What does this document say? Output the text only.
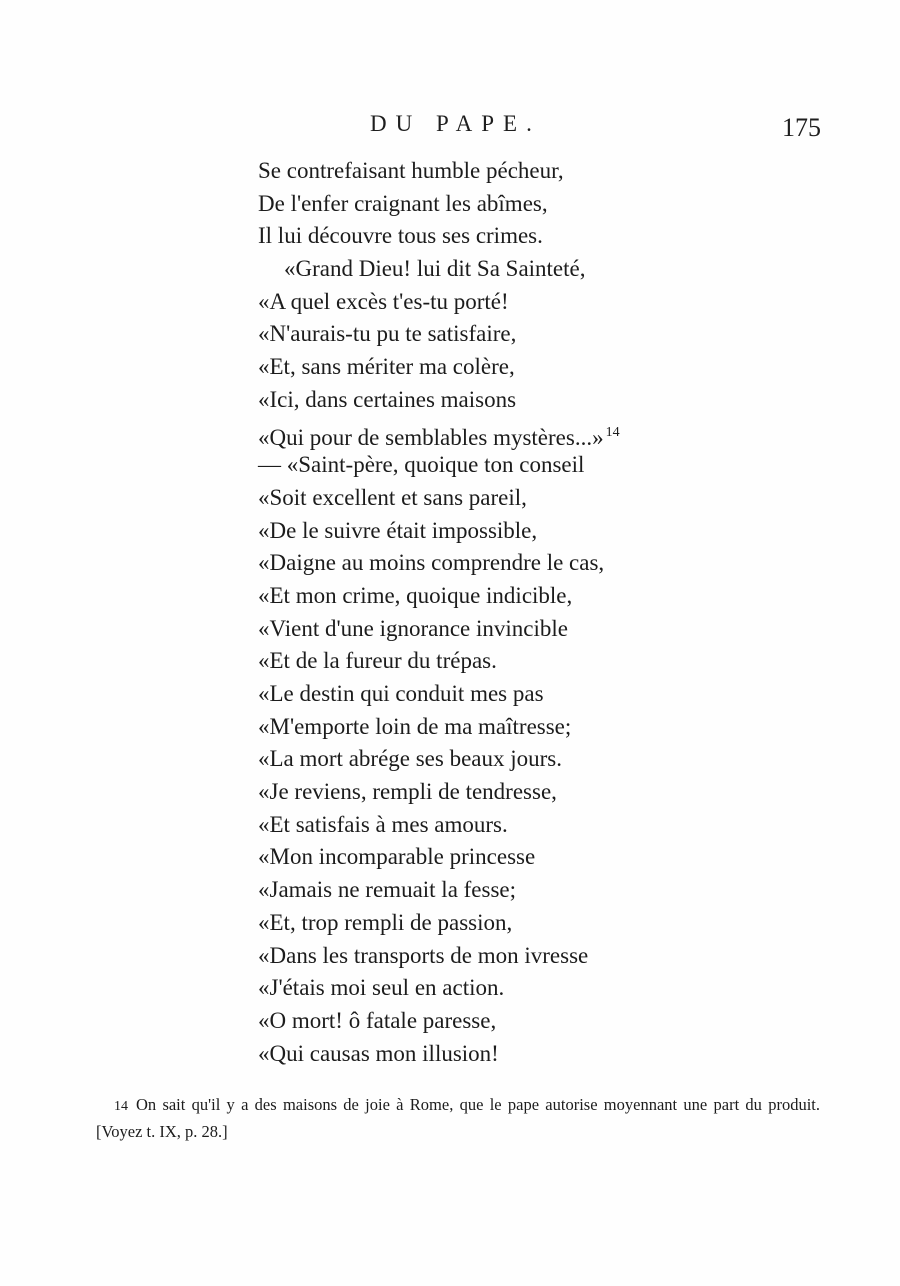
DU PAPE.	175
Se contrefaisant humble pécheur,
De l'enfer craignant les abîmes,
Il lui découvre tous ses crimes.
«Grand Dieu! lui dit Sa Sainteté,
«A quel excès t'es-tu porté!
«N'aurais-tu pu te satisfaire,
«Et, sans mériter ma colère,
«Ici, dans certaines maisons
«Qui pour de semblables mystères...» $^{14}$
— «Saint-père, quoique ton conseil
«Soit excellent et sans pareil,
«De le suivre était impossible,
«Daigne au moins comprendre le cas,
«Et mon crime, quoique indicible,
«Vient d'une ignorance invincible
«Et de la fureur du trépas.
«Le destin qui conduit mes pas
«M'emporte loin de ma maîtresse;
«La mort abrége ses beaux jours.
«Je reviens, rempli de tendresse,
«Et satisfais à mes amours.
«Mon incomparable princesse
«Jamais ne remuait la fesse;
«Et, trop rempli de passion,
«Dans les transports de mon ivresse
«J'étais moi seul en action.
«O mort! ô fatale paresse,
«Qui causas mon illusion!
14 On sait qu'il y a des maisons de joie à Rome, que le pape autorise moyennant une part du produit. [Voyez t. IX, p. 28.]
